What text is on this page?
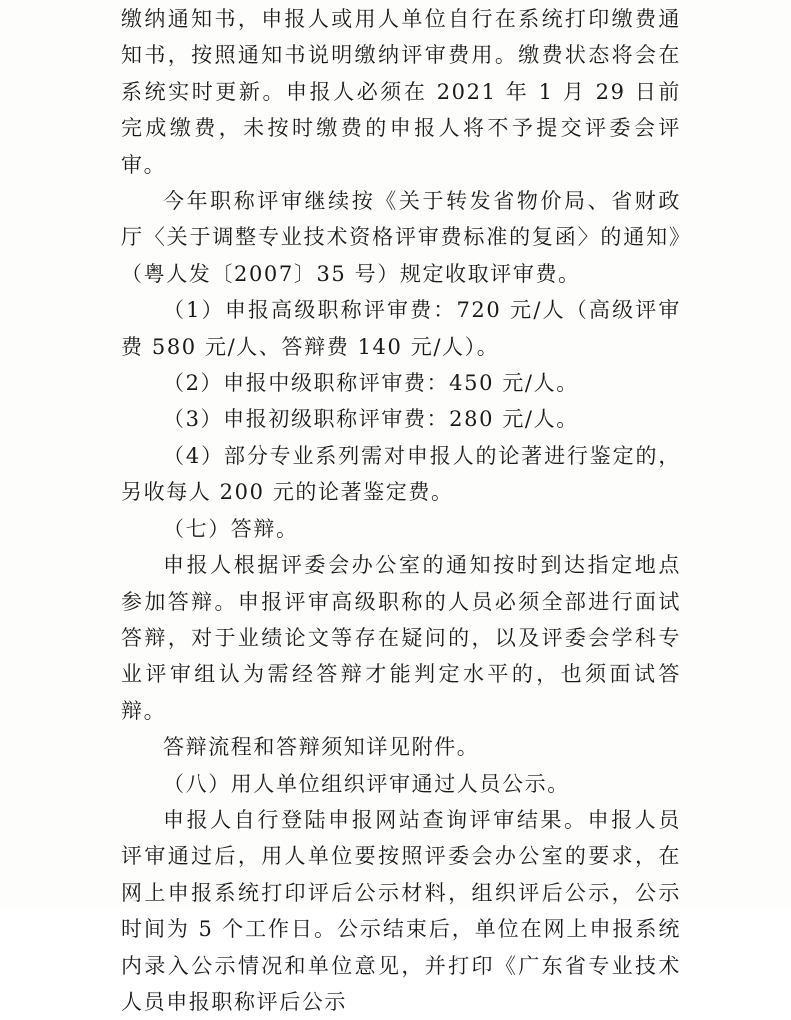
缴纳通知书，申报人或用人单位自行在系统打印缴费通知书，按照通知书说明缴纳评审费用。缴费状态将会在系统实时更新。申报人必须在 2021 年 1 月 29 日前完成缴费，未按时缴费的申报人将不予提交评委会评审。

今年职称评审继续按《关于转发省物价局、省财政厅〈关于调整专业技术资格评审费标准的复函〉的通知》（粤人发〔2007〕35 号）规定收取评审费。

（1）申报高级职称评审费：720 元/人（高级评审费 580 元/人、答辩费 140 元/人）。

（2）申报中级职称评审费：450 元/人。

（3）申报初级职称评审费：280 元/人。

（4）部分专业系列需对申报人的论著进行鉴定的，另收每人 200 元的论著鉴定费。

（七）答辩。

申报人根据评委会办公室的通知按时到达指定地点参加答辩。申报评审高级职称的人员必须全部进行面试答辩，对于业绩论文等存在疑问的，以及评委会学科专业评审组认为需经答辩才能判定水平的，也须面试答辩。

答辩流程和答辩须知详见附件。

（八）用人单位组织评审通过人员公示。

申报人自行登陆申报网站查询评审结果。申报人员评审通过后，用人单位要按照评委会办公室的要求，在网上申报系统打印评后公示材料，组织评后公示，公示时间为 5 个工作日。公示结束后，单位在网上申报系统内录入公示情况和单位意见，并打印《广东省专业技术人员申报职称评后公示
